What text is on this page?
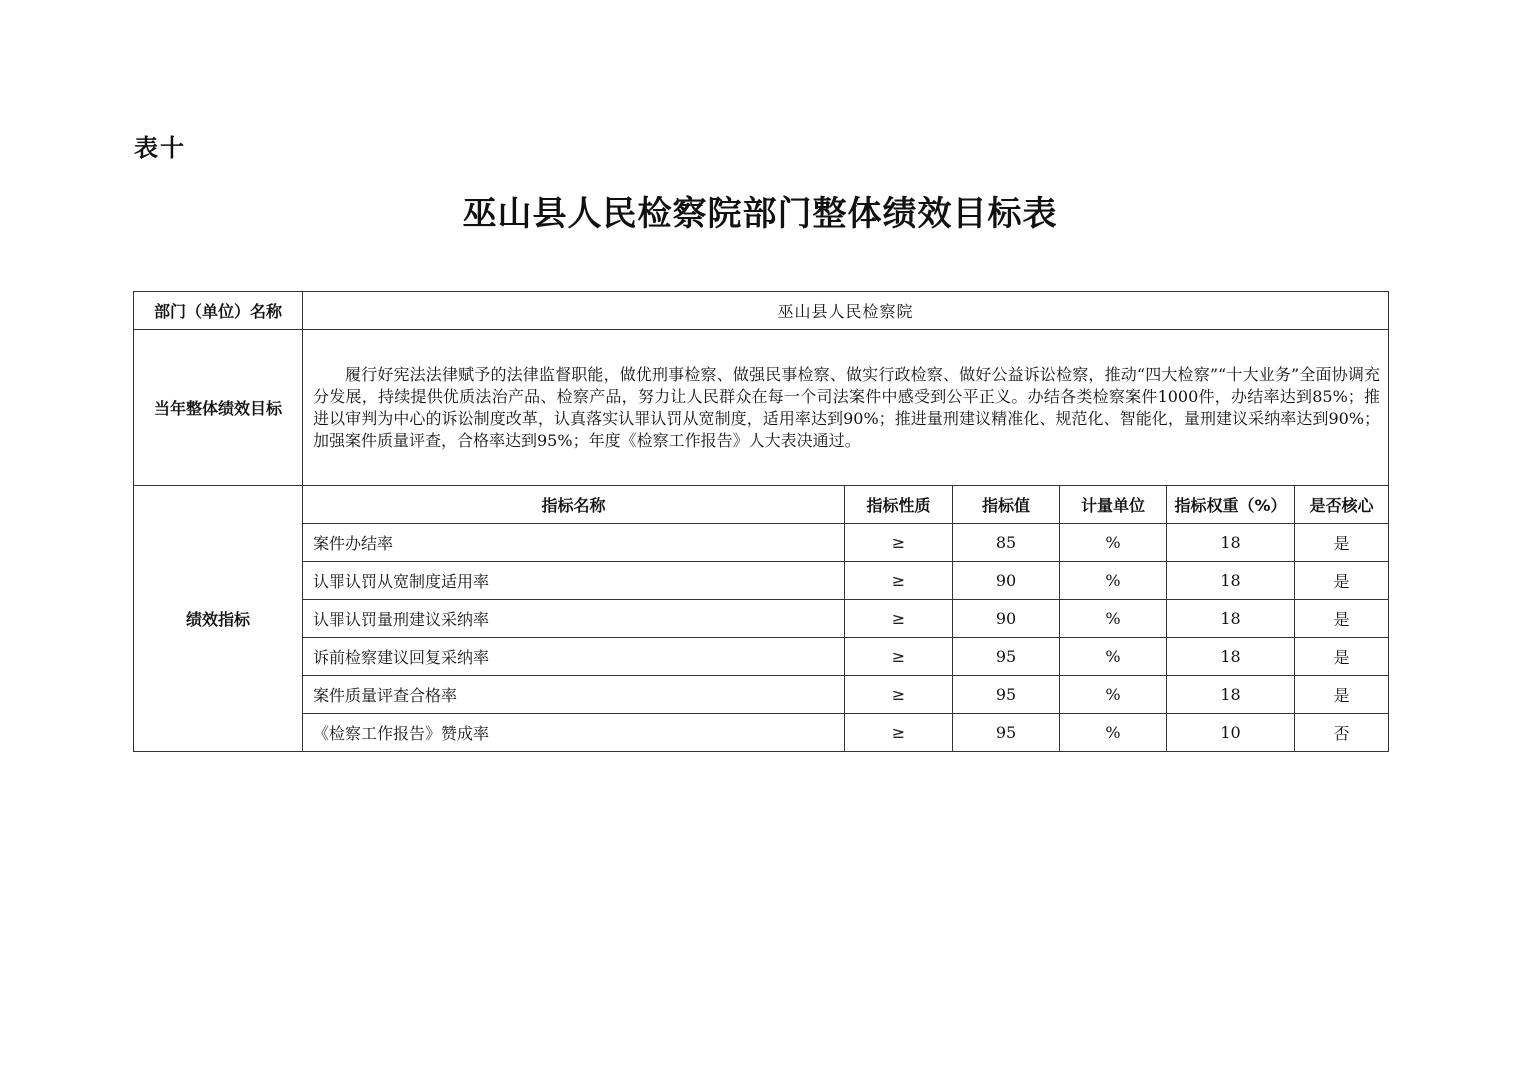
表十
巫山县人民检察院部门整体绩效目标表
部门（单位）名称	巫山县人民检察院					
当年整体绩效目标	履行好宪法法律赋予的法律监督职能，做优刑事检察、做强民事检察、做实行政检察、做好公益诉讼检察，推动“四大检察”“十大业务”全面协调充分发展，持续提供优质法治产品、检察产品，努力让人民群众在每一个司法案件中感受到公平正义。办结各类检察案件1000件，办结率达到85%；推进以审判为中心的诉讼制度改革，认真落实认罪认罚从宽制度，适用率达到90%；推进量刑建议精准化、规范化、智能化，量刑建议采纳率达到90%；加强案件质量评查，合格率达到95%；年度《检察工作报告》人大表决通过。					
绩效指标	指标名称	指标性质	指标值	计量单位	指标权重（%）	是否核心
	案件办结率	≥	85	%	18	是
	认罪认罚从宽制度适用率	≥	90	%	18	是
	认罪认罚量刑建议采纳率	≥	90	%	18	是
	诉前检察建议回复采纳率	≥	95	%	18	是
	案件质量评查合格率	≥	95	%	18	是
	《检察工作报告》赞成率	≥	95	%	10	否
